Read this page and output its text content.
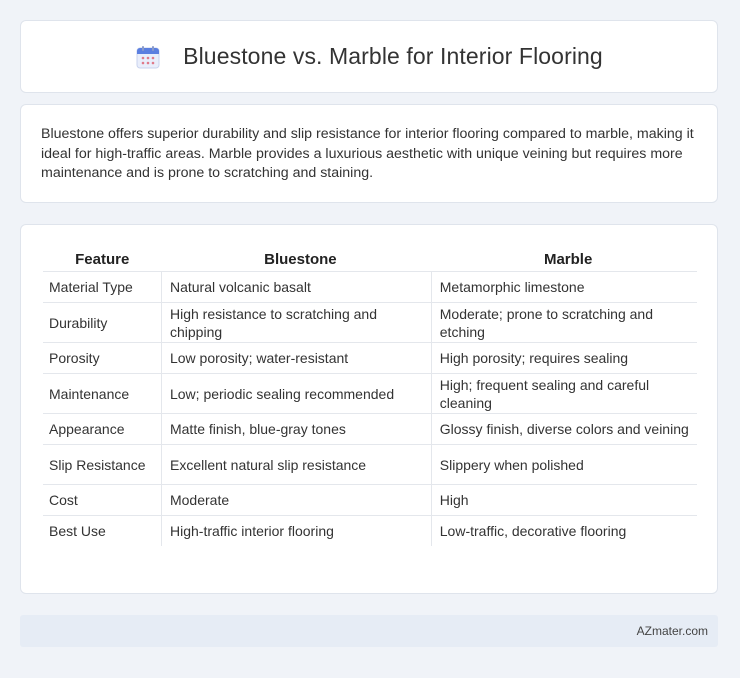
Bluestone vs. Marble for Interior Flooring

Bluestone offers superior durability and slip resistance for interior flooring compared to marble, making it ideal for high-traffic areas. Marble provides a luxurious aesthetic with unique veining but requires more maintenance and is prone to scratching and staining.

Feature	Bluestone	Marble
Material Type	Natural volcanic basalt	Metamorphic limestone
Durability	High resistance to scratching and chipping	Moderate; prone to scratching and etching
Porosity	Low porosity; water-resistant	High porosity; requires sealing
Maintenance	Low; periodic sealing recommended	High; frequent sealing and careful cleaning
Appearance	Matte finish, blue-gray tones	Glossy finish, diverse colors and veining
Slip Resistance	Excellent natural slip resistance	Slippery when polished
Cost	Moderate	High
Best Use	High-traffic interior flooring	Low-traffic, decorative flooring
AZmater.com
